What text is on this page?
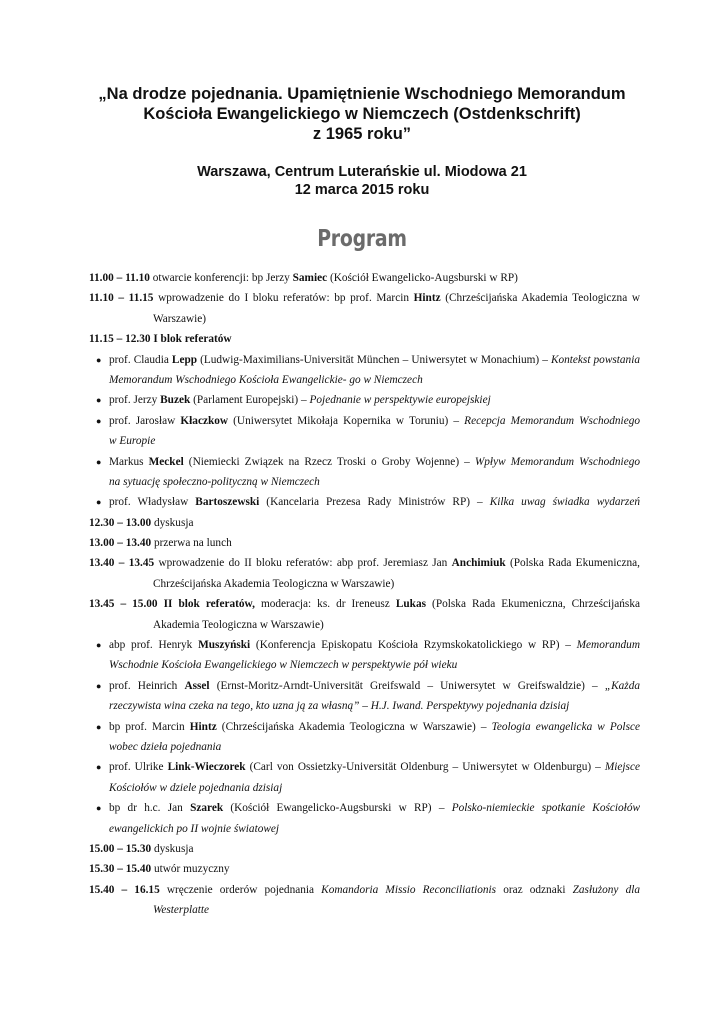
„Na drodze pojednania. Upamiętnienie Wschodniego Memorandum
Kościoła Ewangelickiego w Niemczech (Ostdenkschrift)
z 1965 roku”
Warszawa, Centrum Luterańskie ul. Miodowa 21
12 marca 2015 roku
Program
11.00 – 11.10 otwarcie konferencji: bp Jerzy Samiec (Kościół Ewangelicko-Augsburski w RP)
11.10 – 11.15 wprowadzenie do I bloku referatów: bp prof. Marcin Hintz (Chrześcijańska Akademia Teologiczna w
Warszawie)
11.15 – 12.30 I blok referatów
● prof. Claudia Lepp (Ludwig-Maximilians-Universität München – Uniwersytet w Monachium) – Kontekst powstania
Memorandum Wschodniego Kościoła Ewangelickie- go w Niemczech
● prof. Jerzy Buzek (Parlament Europejski) – Pojednanie w perspektywie europejskiej
● prof. Jarosław Kłaczkow (Uniwersytet Mikołaja Kopernika w Toruniu) – Recepcja Memorandum Wschodniego
w Europie
● Markus Meckel (Niemiecki Związek na Rzecz Troski o Groby Wojenne) – Wpływ Memorandum Wschodniego
na sytuację społeczno-polityczną w Niemczech
● prof. Władysław Bartoszewski (Kancelaria Prezesa Rady Ministrów RP) – Kilka uwag świadka wydarzeń
12.30 – 13.00 dyskusja
13.00 – 13.40 przerwa na lunch
13.40 – 13.45 wprowadzenie do II bloku referatów: abp prof. Jeremiasz Jan Anchimiuk (Polska Rada Ekumeniczna,
Chrześcijańska Akademia Teologiczna w Warszawie)
13.45 – 15.00 II blok referatów, moderacja: ks. dr Ireneusz Lukas (Polska Rada Ekumeniczna, Chrześcijańska
Akademia Teologiczna w Warszawie)
● abp prof. Henryk Muszyński (Konferencja Episkopatu Kościoła Rzymskokatolickiego w RP) – Memorandum
Wschodnie Kościoła Ewangelickiego w Niemczech w perspektywie pół wieku
● prof. Heinrich Assel (Ernst-Moritz-Arndt-Universität Greifswald – Uniwersytet w Greifswaldzie) – „Każda
rzeczywista wina czeka na tego, kto uzna ją za własną” – H.J. Iwand. Perspektywy pojednania dzisiaj
● bp prof. Marcin Hintz (Chrześcijańska Akademia Teologiczna w Warszawie) – Teologia ewangelicka w Polsce
wobec dzieła pojednania
● prof. Ulrike Link-Wieczorek (Carl von Ossietzky-Universität Oldenburg – Uniwersytet w Oldenburgu) – Miejsce
Kościołów w dziele pojednania dzisiaj
● bp dr h.c. Jan Szarek (Kościół Ewangelicko-Augsburski w RP) – Polsko-niemieckie spotkanie Kościołów
ewangelickich po II wojnie światowej
15.00 – 15.30 dyskusja
15.30 – 15.40 utwór muzyczny
15.40 – 16.15 wręczenie orderów pojednania Komandoria Missio Reconciliationis oraz odznaki Zasłużony dla
Westerplatte
